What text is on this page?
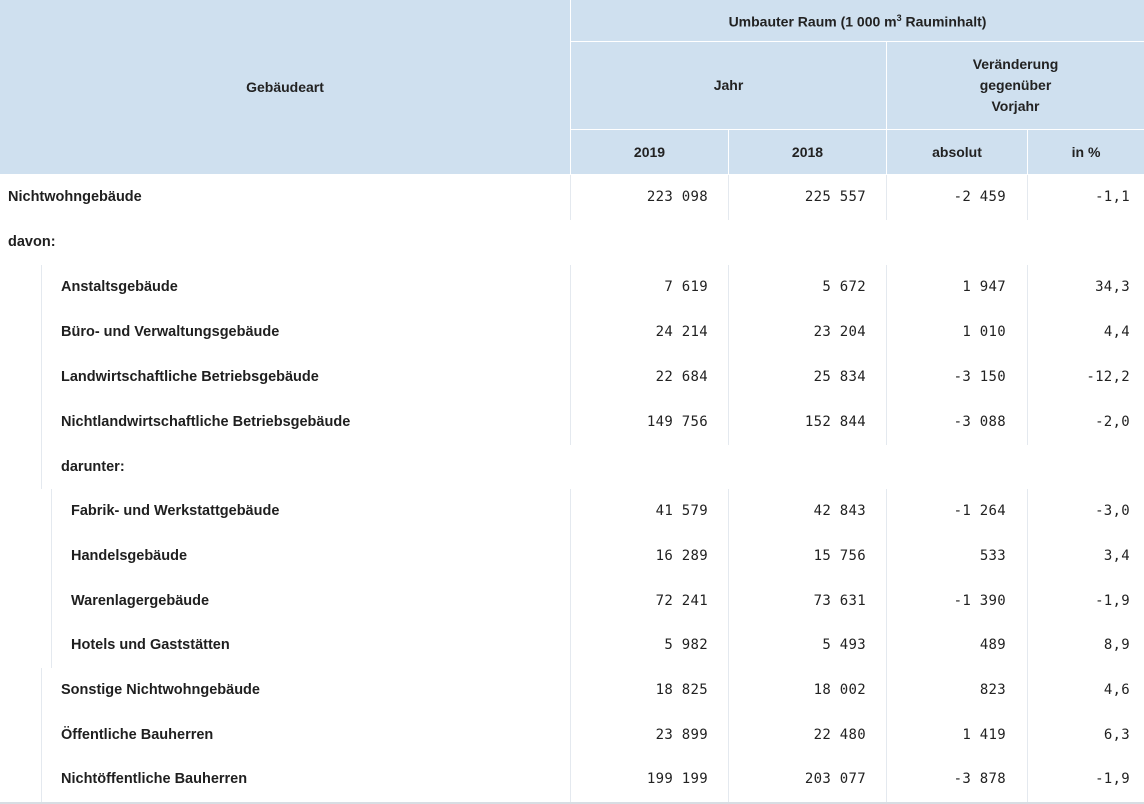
Gebäudeart
Umbauter Raum (1 000 $m^3$ Rauminhalt)
Jahr
Veränderung
gegenüber
Vorjahr
2019	2018	absolut	in %
Nichtwohngebäude	223 098	225 557	-2 459	-1,1
davon:
Anstaltsgebäude	7 619	5 672	1 947	34,3
Büro- und Verwaltungsgebäude	24 214	23 204	1 010	4,4
Landwirtschaftliche Betriebsgebäude	22 684	25 834	-3 150	-12,2
Nichtlandwirtschaftliche Betriebsgebäude	149 756	152 844	-3 088	-2,0
darunter:
Fabrik- und Werkstattgebäude	41 579	42 843	-1 264	-3,0
Handelsgebäude	16 289	15 756	533	3,4
Warenlagergebäude	72 241	73 631	-1 390	-1,9
Hotels und Gaststätten	5 982	5 493	489	8,9
Sonstige Nichtwohngebäude	18 825	18 002	823	4,6
Öffentliche Bauherren	23 899	22 480	1 419	6,3
Nichtöffentliche Bauherren	199 199	203 077	-3 878	-1,9
